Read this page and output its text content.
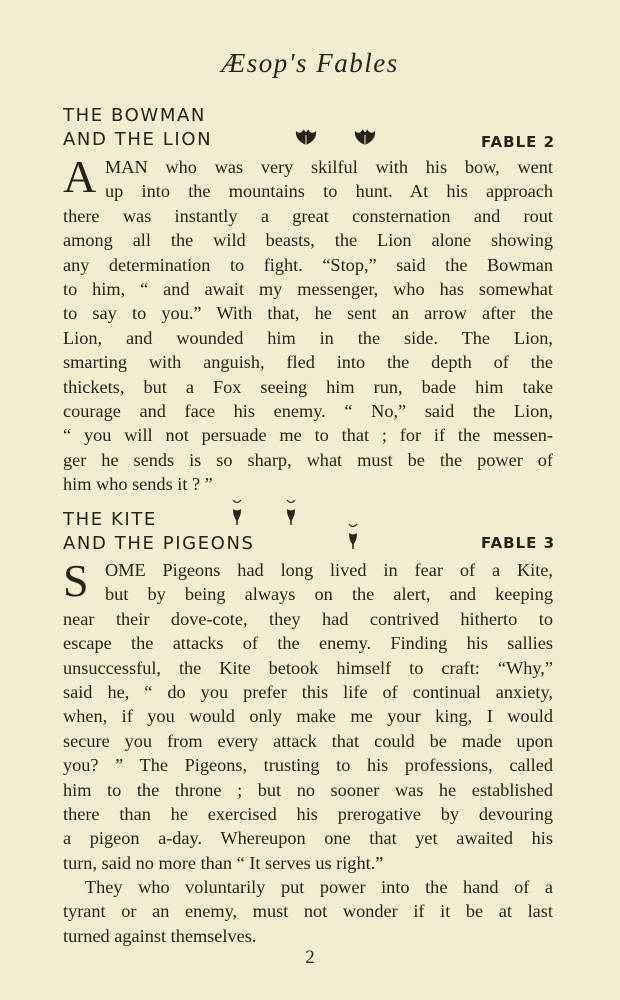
Æsop's Fables
THE BOWMAN
AND THE LION	FABLE 2
A MAN who was very skilful with his bow, went
up into the mountains to hunt. At his approach
there was instantly a great consternation and rout
among all the wild beasts, the Lion alone showing
any determination to fight. “Stop,” said the Bowman
to him, “ and await my messenger, who has somewhat
to say to you.” With that, he sent an arrow after the
Lion, and wounded him in the side. The Lion,
smarting with anguish, fled into the depth of the
thickets, but a Fox seeing him run, bade him take
courage and face his enemy. “ No,” said the Lion,
“ you will not persuade me to that ; for if the messen-
ger he sends is so sharp, what must be the power of
him who sends it ? ”
THE KITE
AND THE PIGEONS	FABLE 3
S OME Pigeons had long lived in fear of a Kite,
but by being always on the alert, and keeping
near their dove-cote, they had contrived hitherto to
escape the attacks of the enemy. Finding his sallies
unsuccessful, the Kite betook himself to craft: “Why,”
said he, “ do you prefer this life of continual anxiety,
when, if you would only make me your king, I would
secure you from every attack that could be made upon
you? ” The Pigeons, trusting to his professions, called
him to the throne ; but no sooner was he established
there than he exercised his prerogative by devouring
a pigeon a-day. Whereupon one that yet awaited his
turn, said no more than “ It serves us right.”
They who voluntarily put power into the hand of a
tyrant or an enemy, must not wonder if it be at last
turned against themselves.
2
